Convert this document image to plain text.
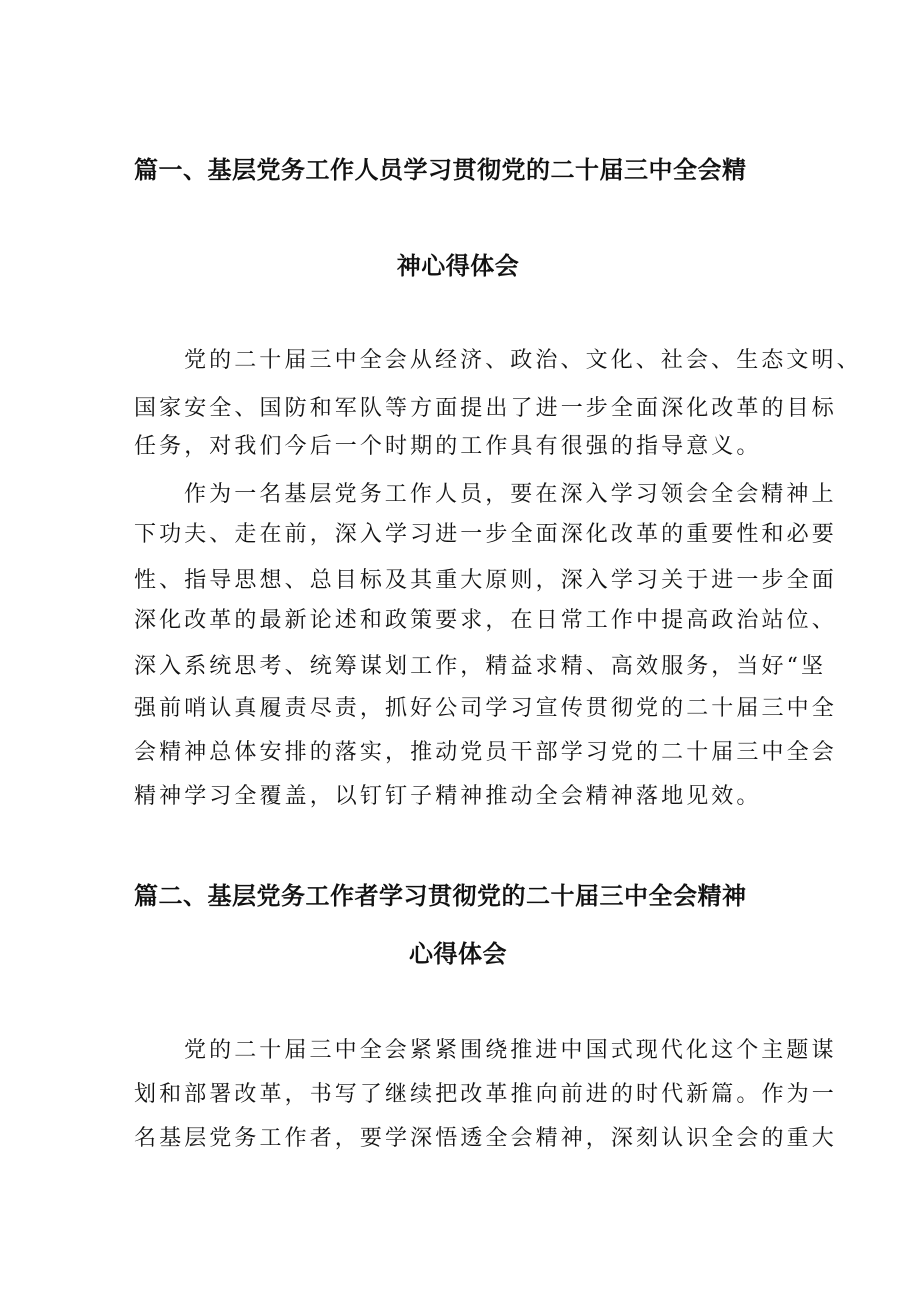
篇一、基层党务工作人员学习贯彻党的二十届三中全会精
神心得体会
党的二十届三中全会从经济、政治、文化、社会、生态文明、
国家安全、国防和军队等方面提出了进一步全面深化改革的目标
任务，对我们今后一个时期的工作具有很强的指导意义。
作为一名基层党务工作人员，要在深入学习领会全会精神上
下功夫、走在前，深入学习进一步全面深化改革的重要性和必要
性、指导思想、总目标及其重大原则，深入学习关于进一步全面
深化改革的最新论述和政策要求，在日常工作中提高政治站位、
深入系统思考、统筹谋划工作，精益求精、高效服务，当好“坚
强前哨认真履责尽责，抓好公司学习宣传贯彻党的二十届三中全
会精神总体安排的落实，推动党员干部学习党的二十届三中全会
精神学习全覆盖，以钉钉子精神推动全会精神落地见效。
篇二、基层党务工作者学习贯彻党的二十届三中全会精神
心得体会
党的二十届三中全会紧紧围绕推进中国式现代化这个主题谋
划和部署改革，书写了继续把改革推向前进的时代新篇。作为一
名基层党务工作者，要学深悟透全会精神，深刻认识全会的重大
